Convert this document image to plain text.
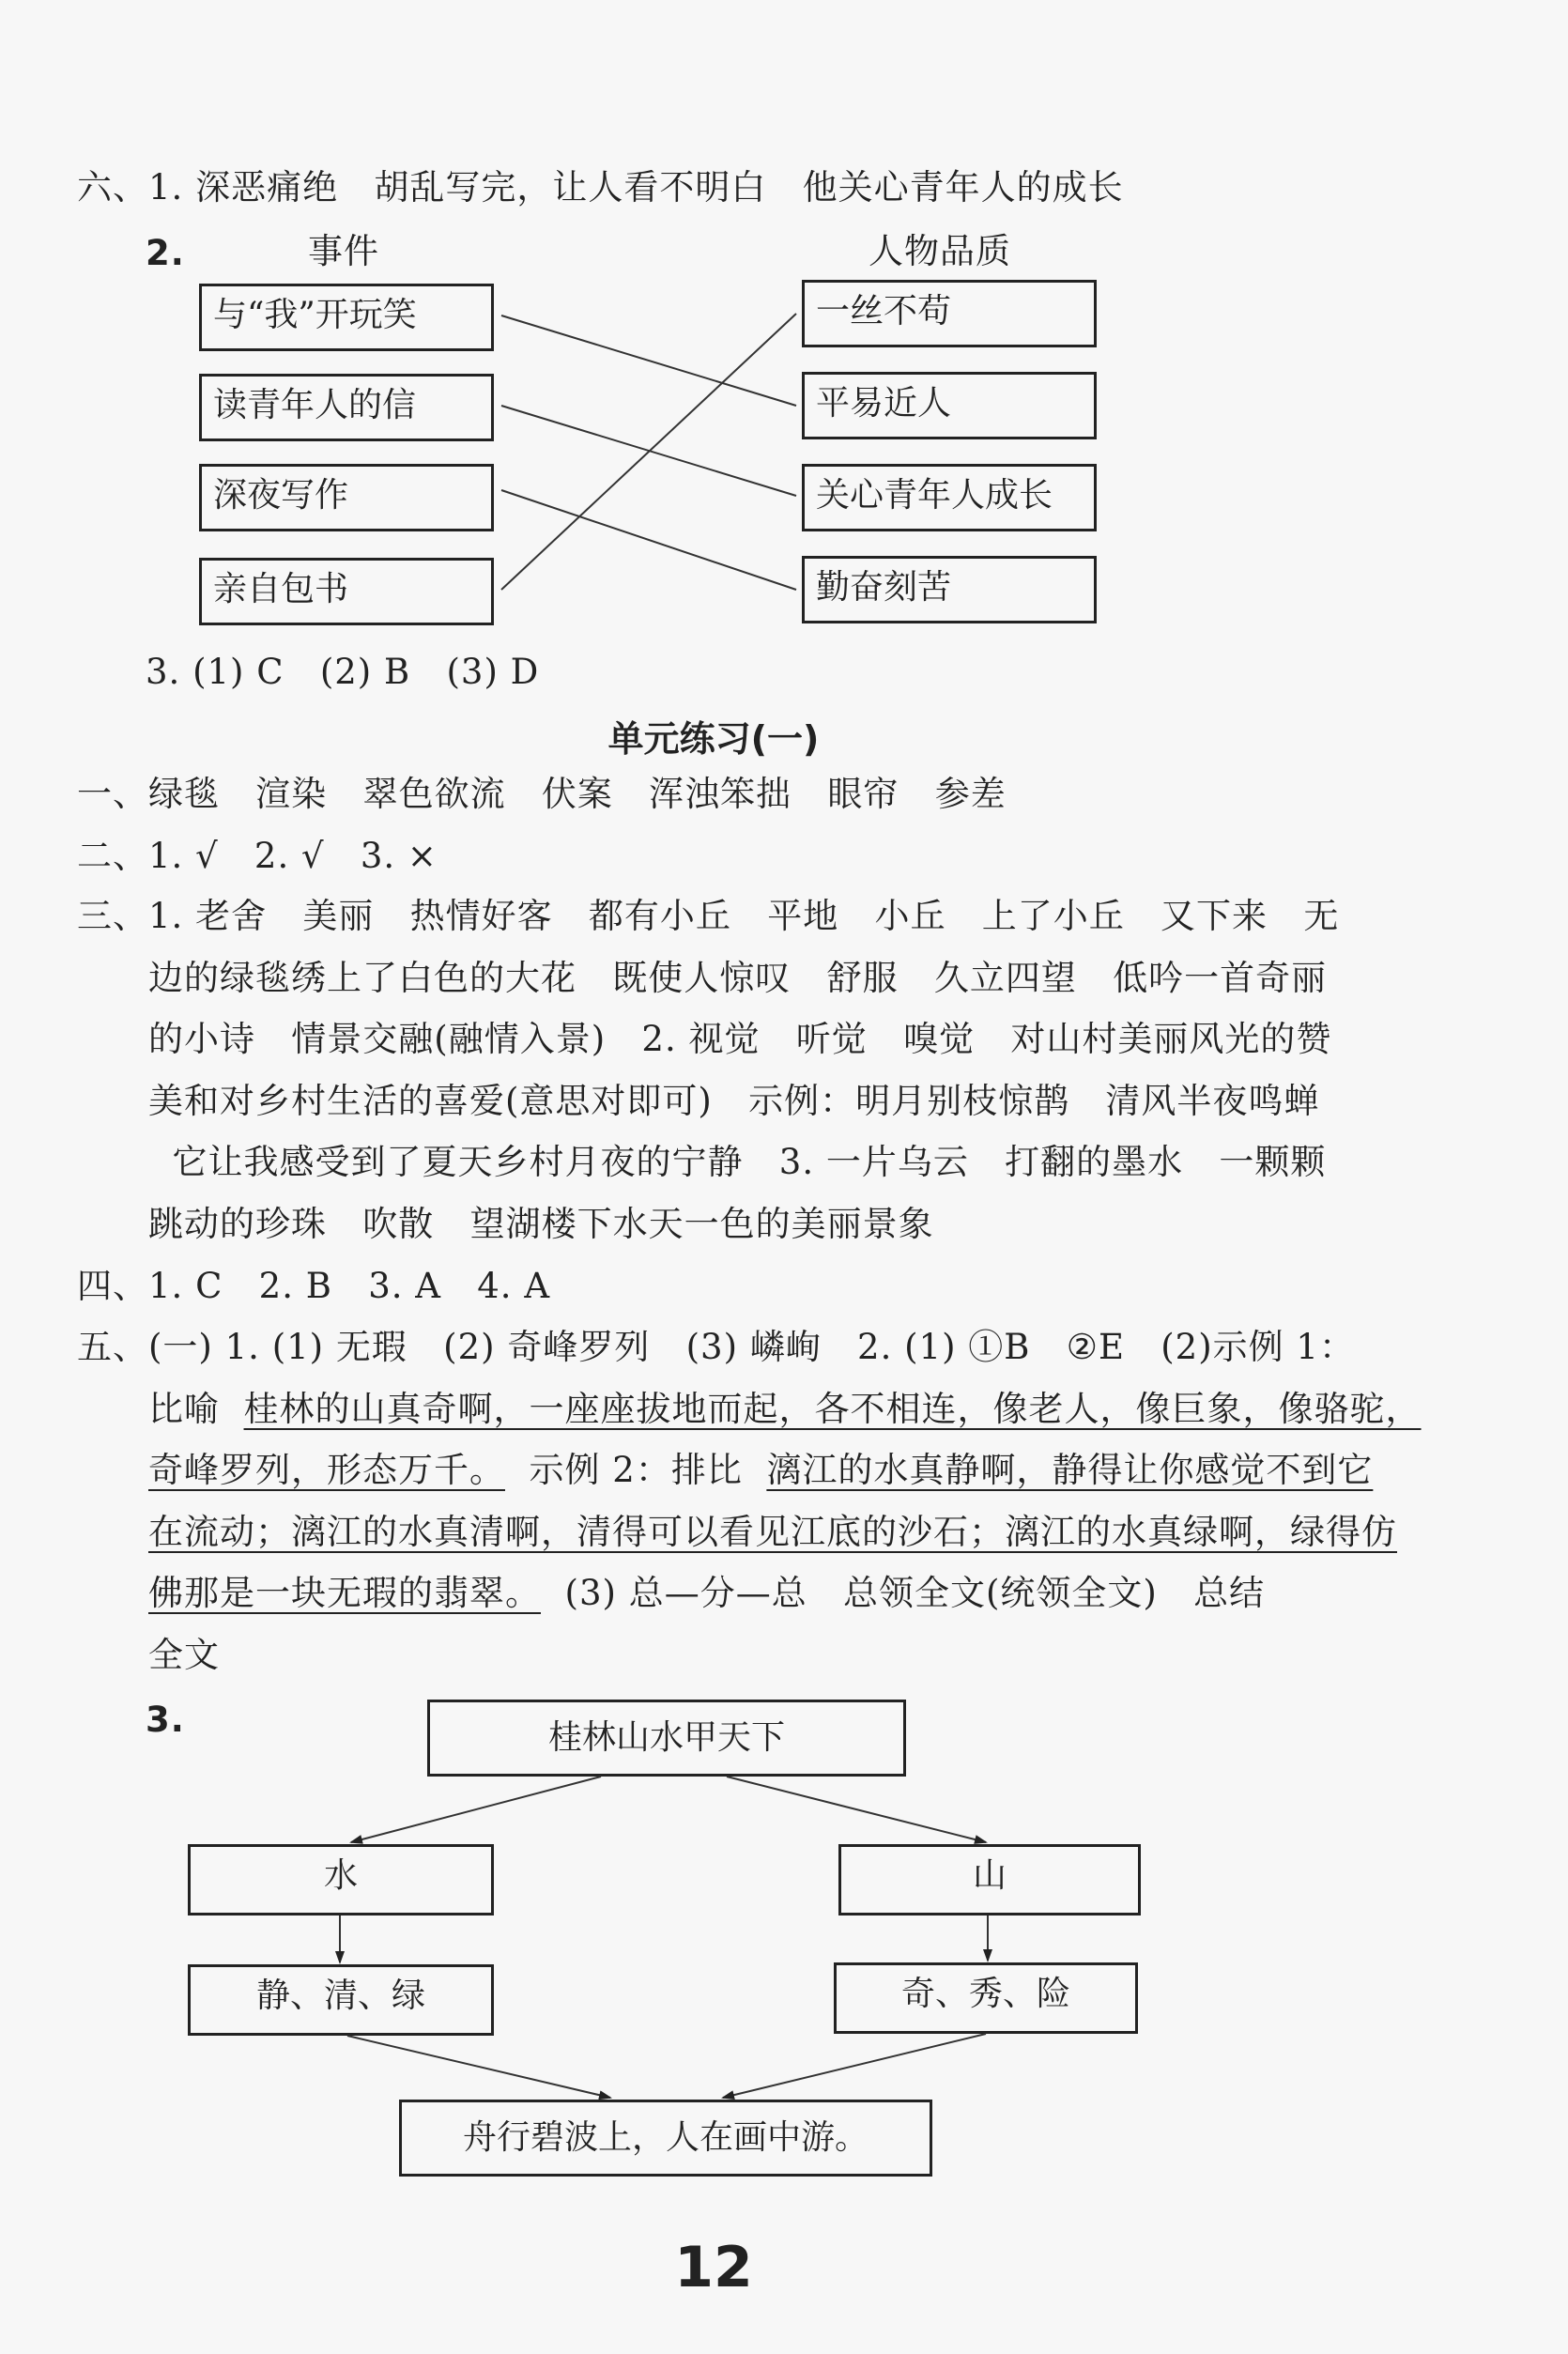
六、1. 深恶痛绝   胡乱写完，让人看不明白   他关心青年人的成长
2.	事件	人物品质
与“我”开玩笑
读青年人的信
深夜写作
亲自包书
一丝不苟
平易近人
关心青年人成长
勤奋刻苦
3. (1) C   (2) B   (3) D
单元练习(一)
一、绿毯   渲染   翠色欲流   伏案   浑浊笨拙   眼帘   参差
二、1. √   2. √   3. ×
三、1. 老舍   美丽   热情好客   都有小丘   平地   小丘   上了小丘   又下来   无
边的绿毯绣上了白色的大花   既使人惊叹   舒服   久立四望   低吟一首奇丽
的小诗   情景交融(融情入景)   2. 视觉   听觉   嗅觉   对山村美丽风光的赞
美和对乡村生活的喜爱(意思对即可)   示例：明月别枝惊鹊   清风半夜鸣蝉
它让我感受到了夏天乡村月夜的宁静   3. 一片乌云   打翻的墨水   一颗颗
跳动的珍珠   吹散   望湖楼下水天一色的美丽景象
四、1. C   2. B   3. A   4. A
五、(一) 1. (1) 无瑕   (2) 奇峰罗列   (3) 嶙峋   2. (1) ①B   ②E   (2)示例 1：
比喻  桂林的山真奇啊，一座座拔地而起，各不相连，像老人，像巨象，像骆驼，
奇峰罗列，形态万千。  示例 2：排比  漓江的水真静啊，静得让你感觉不到它
在流动；漓江的水真清啊，清得可以看见江底的沙石；漓江的水真绿啊，绿得仿
佛那是一块无瑕的翡翠。  (3) 总—分—总   总领全文(统领全文)   总结
全文
3.	桂林山水甲天下
水	山
静、清、绿	奇、秀、险
舟行碧波上，人在画中游。
12
